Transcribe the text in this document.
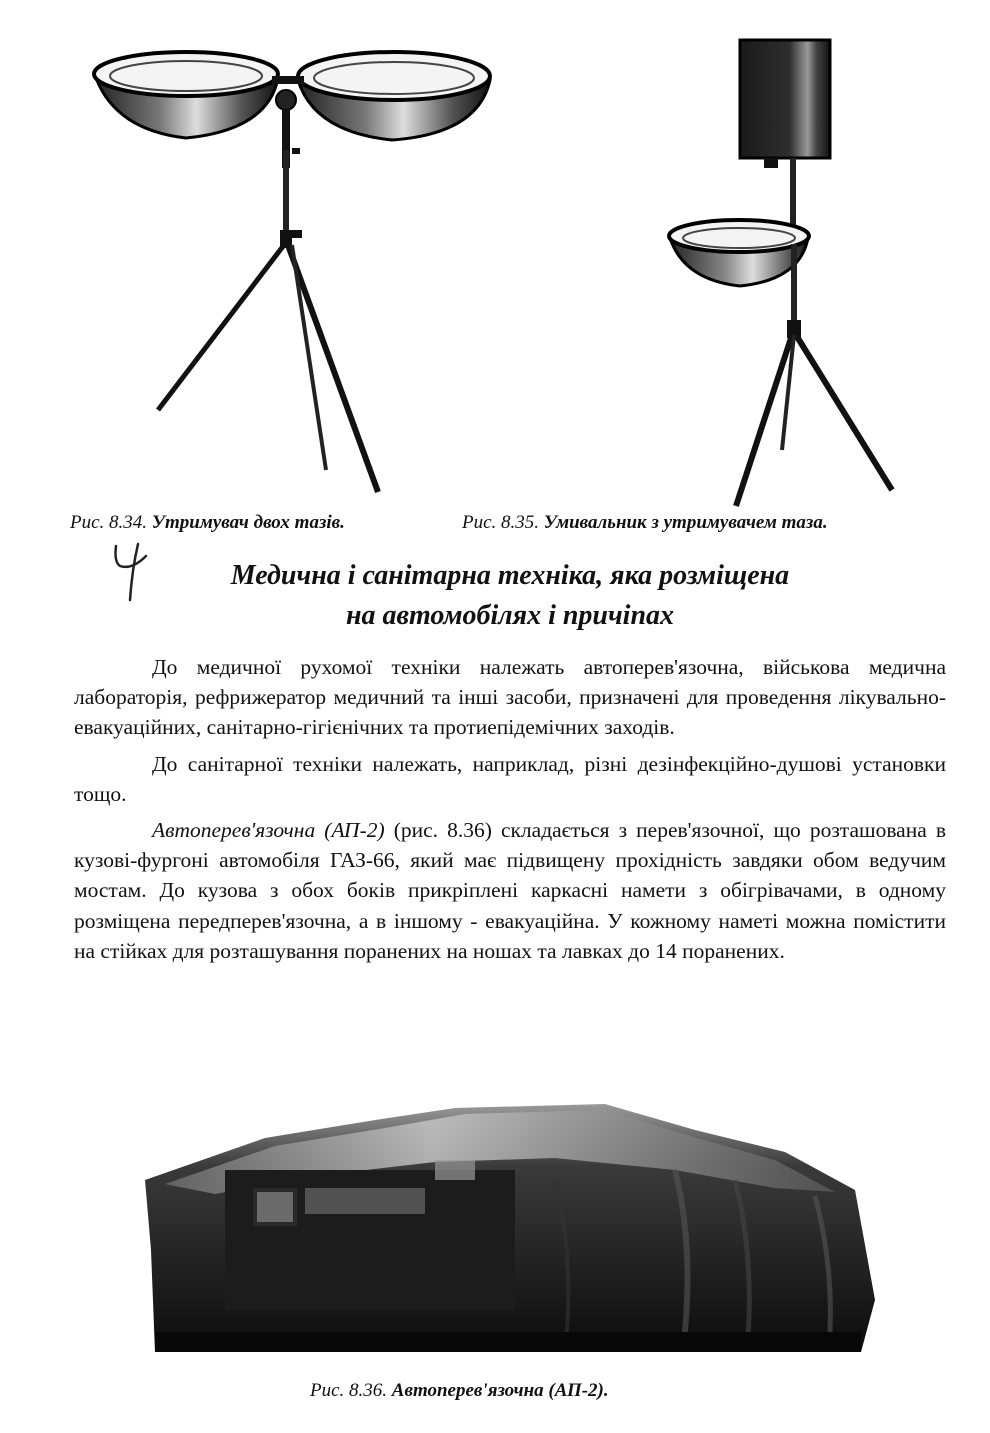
Рис. 8.34. Утримувач двох тазів.	Рис. 8.35. Умивальник з утримувачем таза.
Медична і санітарна техніка, яка розміщена
на автомобілях і причіпах

До медичної рухомої техніки належать автоперев'язочна, військова медична лабораторія, рефрижератор медичний та інші засоби, призначені для проведення лікувально-евакуаційних, санітарно-гігієнічних та протиепідемічних заходів.

До санітарної техніки належать, наприклад, різні дезінфекційно-душові установки тощо.

Автоперев'язочна (АП-2) (рис. 8.36) складається з перев'язочної, що розташована в кузові-фургоні автомобіля ГАЗ-66, який має підвищену прохідність завдяки обом ведучим мостам. До кузова з обох боків прикріплені каркасні намети з обігрівачами, в одному розміщена передперев'язочна, а в іншому - евакуаційна. У кожному наметі можна помістити на стійках для розташування поранених на ношах та лавках до 14 поранених.

Рис. 8.36. Автоперев'язочна (АП-2).
